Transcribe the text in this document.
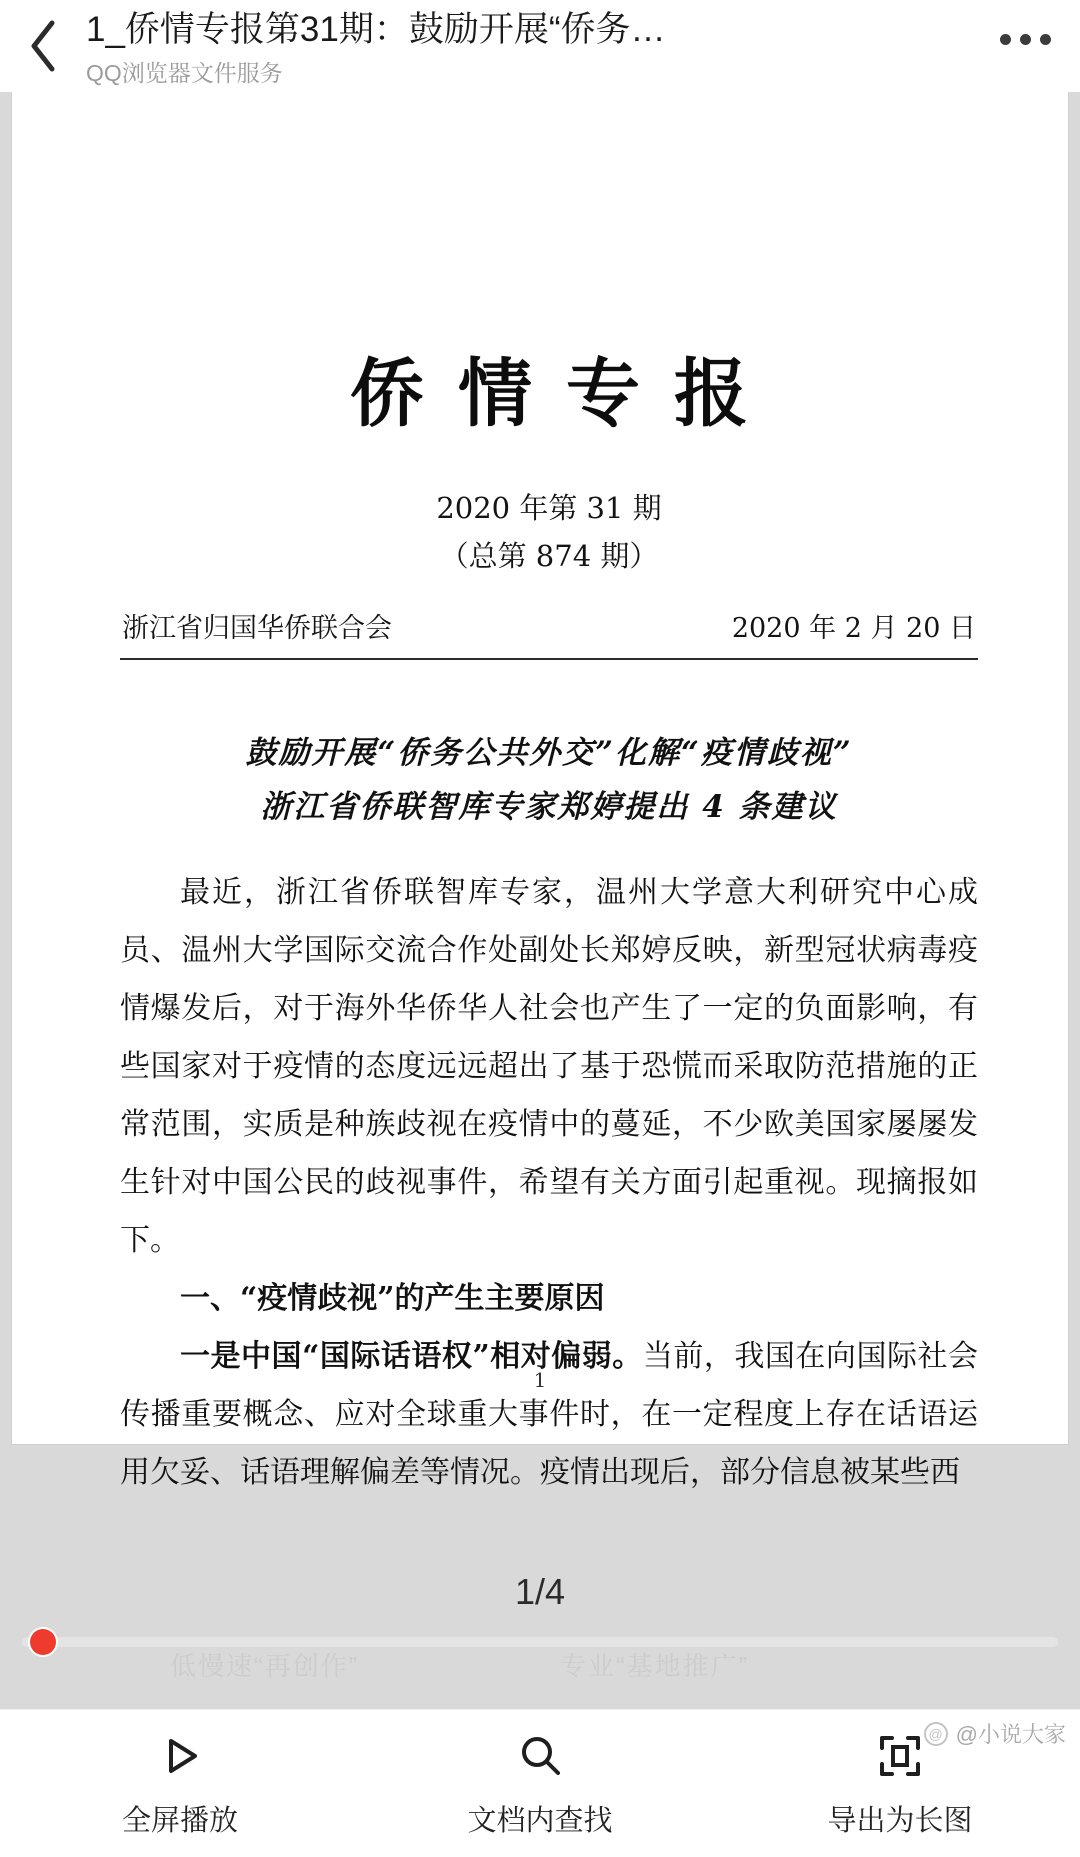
1_侨情专报第31期：鼓励开展“侨务…
QQ浏览器文件服务
低慢速“再创作”	专业“基地推广”
侨情专报
2020 年第 31 期
（总第 874 期）
浙江省归国华侨联合会	2020 年 2 月 20 日
鼓励开展“侨务公共外交”化解“疫情歧视”
浙江省侨联智库专家郑婷提出 4 条建议

最近，浙江省侨联智库专家，温州大学意大利研究中心成员、温州大学国际交流合作处副处长郑婷反映，新型冠状病毒疫情爆发后，对于海外华侨华人社会也产生了一定的负面影响，有些国家对于疫情的态度远远超出了基于恐慌而采取防范措施的正常范围，实质是种族歧视在疫情中的蔓延，不少欧美国家屡屡发生针对中国公民的歧视事件，希望有关方面引起重视。现摘报如下。

一、“疫情歧视”的产生主要原因

一是中国“国际话语权”相对偏弱。当前，我国在向国际社会传播重要概念、应对全球重大事件时，在一定程度上存在话语运用欠妥、话语理解偏差等情况。疫情出现后，部分信息被某些西

1
1/4
全屏播放	文档内查找	导出为长图
@ @小说大家
